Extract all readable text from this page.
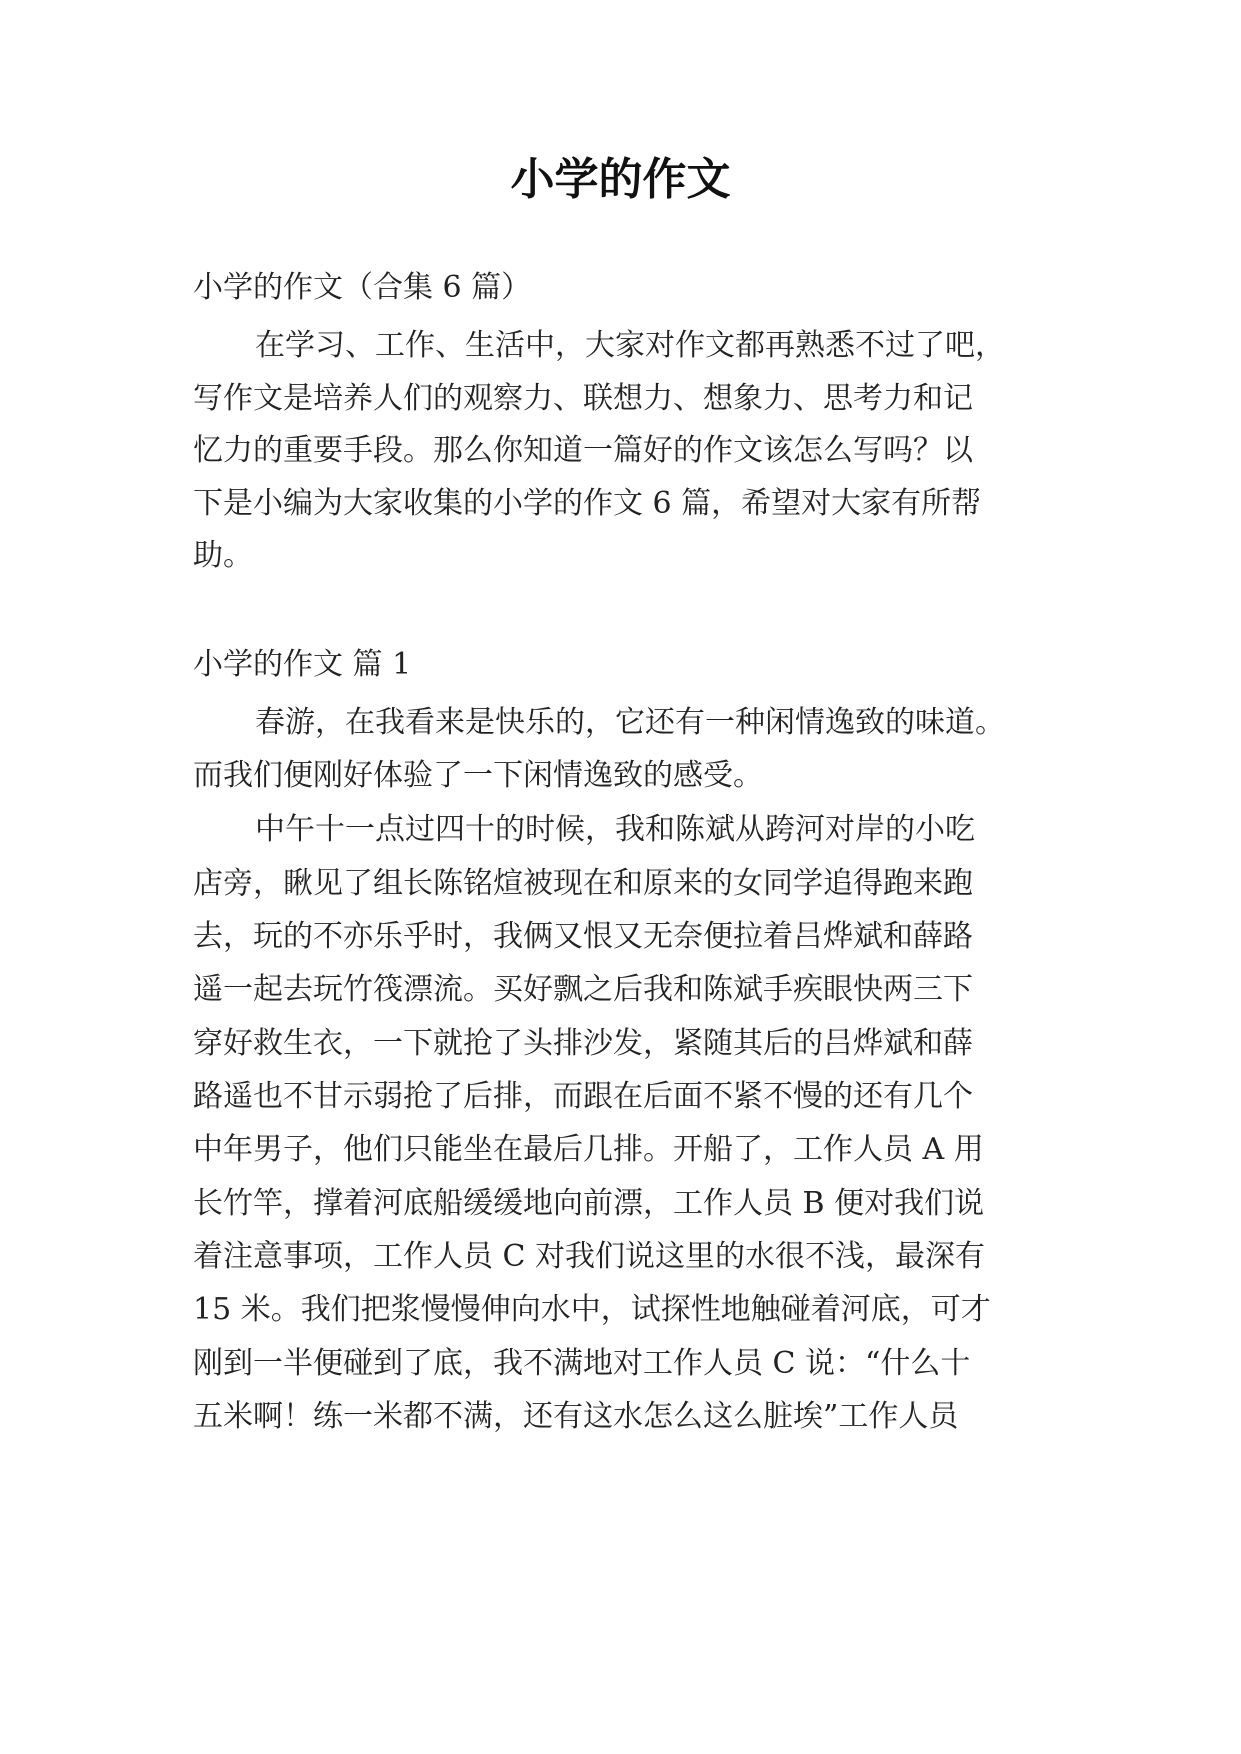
小学的作文

小学的作文（合集 6 篇）

在学习、工作、生活中，大家对作文都再熟悉不过了吧，

写作文是培养人们的观察力、联想力、想象力、思考力和记

忆力的重要手段。那么你知道一篇好的作文该怎么写吗？以

下是小编为大家收集的小学的作文 6 篇，希望对大家有所帮

助。

小学的作文 篇 1

春游，在我看来是快乐的，它还有一种闲情逸致的味道。

而我们便刚好体验了一下闲情逸致的感受。

中午十一点过四十的时候，我和陈斌从跨河对岸的小吃

店旁，瞅见了组长陈铭煊被现在和原来的女同学追得跑来跑

去，玩的不亦乐乎时，我俩又恨又无奈便拉着吕烨斌和薛路

遥一起去玩竹筏漂流。买好飘之后我和陈斌手疾眼快两三下

穿好救生衣，一下就抢了头排沙发，紧随其后的吕烨斌和薛

路遥也不甘示弱抢了后排，而跟在后面不紧不慢的还有几个

中年男子，他们只能坐在最后几排。开船了，工作人员 A 用

长竹竿，撑着河底船缓缓地向前漂，工作人员 B 便对我们说

着注意事项，工作人员 C 对我们说这里的水很不浅，最深有

15 米。我们把浆慢慢伸向水中，试探性地触碰着河底，可才

刚到一半便碰到了底，我不满地对工作人员 C 说：“什么十

五米啊！练一米都不满，还有这水怎么这么脏埃”工作人员
